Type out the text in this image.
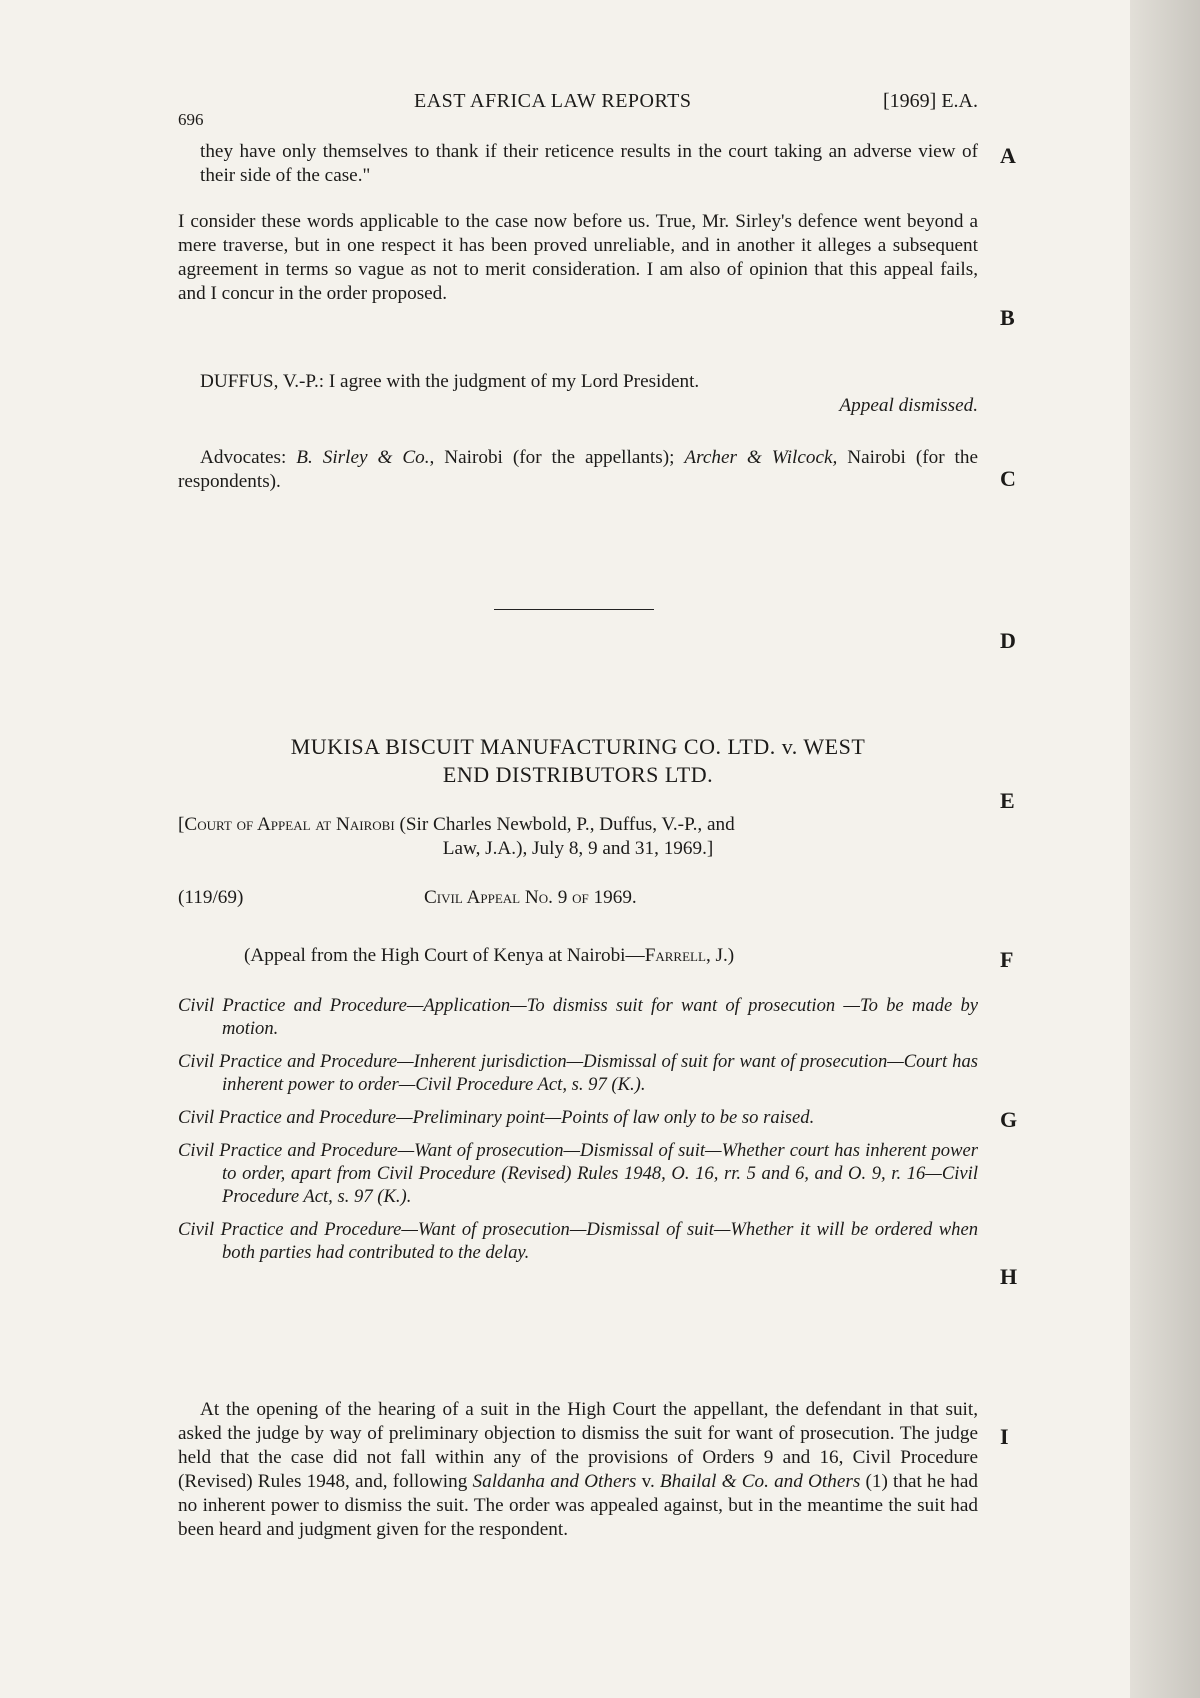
696
EAST AFRICA LAW REPORTS	[1969] E.A.
A
B
C
D
E
F
G
H
I

they have only themselves to thank if their reticence results in the court taking an adverse view of their side of the case."

I consider these words applicable to the case now before us. True, Mr. Sirley's defence went beyond a mere traverse, but in one respect it has been proved unreliable, and in another it alleges a subsequent agreement in terms so vague as not to merit consideration. I am also of opinion that this appeal fails, and I concur in the order proposed.

DUFFUS, V.-P.: I agree with the judgment of my Lord President.

Appeal dismissed.

Advocates: B. Sirley & Co., Nairobi (for the appellants); Archer & Wilcock, Nairobi (for the respondents).

MUKISA BISCUIT MANUFACTURING CO. LTD. v. WEST

END DISTRIBUTORS LTD.

[Court of Appeal at Nairobi (Sir Charles Newbold, P., Duffus, V.-P., and

Law, J.A.), July 8, 9 and 31, 1969.]

(119/69)	Civil Appeal No. 9 of 1969.

(Appeal from the High Court of Kenya at Nairobi—Farrell, J.)

Civil Practice and Procedure—Application—To dismiss suit for want of prosecution —To be made by motion.

Civil Practice and Procedure—Inherent jurisdiction—Dismissal of suit for want of prosecution—Court has inherent power to order—Civil Procedure Act, s. 97 (K.).

Civil Practice and Procedure—Preliminary point—Points of law only to be so raised.

Civil Practice and Procedure—Want of prosecution—Dismissal of suit—Whether court has inherent power to order, apart from Civil Procedure (Revised) Rules 1948, O. 16, rr. 5 and 6, and O. 9, r. 16—Civil Procedure Act, s. 97 (K.).

Civil Practice and Procedure—Want of prosecution—Dismissal of suit—Whether it will be ordered when both parties had contributed to the delay.

At the opening of the hearing of a suit in the High Court the appellant, the defendant in that suit, asked the judge by way of preliminary objection to dismiss the suit for want of prosecution. The judge held that the case did not fall within any of the provisions of Orders 9 and 16, Civil Procedure (Revised) Rules 1948, and, following Saldanha and Others v. Bhailal & Co. and Others (1) that he had no inherent power to dismiss the suit. The order was appealed against, but in the meantime the suit had been heard and judgment given for the respondent.
